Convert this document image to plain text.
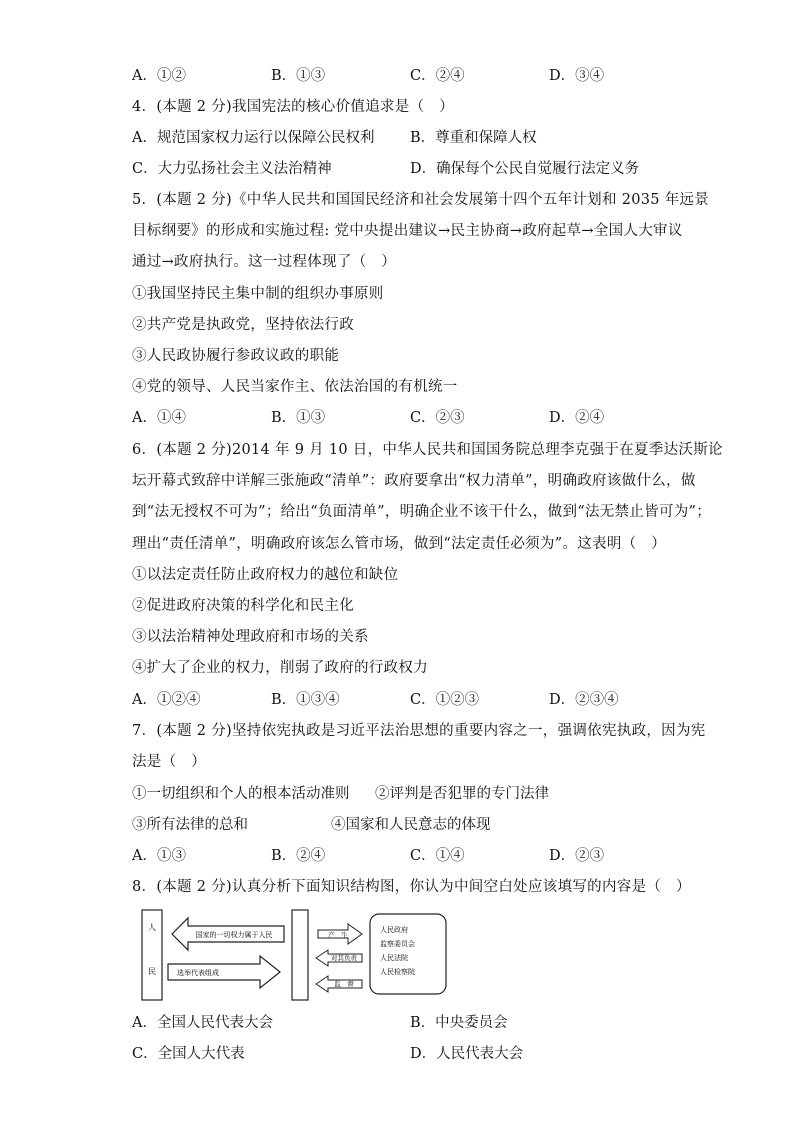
A．①②	B．①③	C．②④	D．③④
4．(本题 2 分)我国宪法的核心价值追求是（　）
A．规范国家权力运行以保障公民权利 B．尊重和保障人权
C．大力弘扬社会主义法治精神	D．确保每个公民自觉履行法定义务
5．(本题 2 分)《中华人民共和国国民经济和社会发展第十四个五年计划和 2035 年远景
目标纲要》的形成和实施过程: 党中央提出建议→民主协商→政府起草→全国人大审议
通过→政府执行。这一过程体现了（　）
①我国坚持民主集中制的组织办事原则
②共产党是执政党，坚持依法行政
③人民政协履行参政议政的职能
④党的领导、人民当家作主、依法治国的有机统一
A．①④	B．①③	C．②③	D．②④
6．(本题 2 分)2014 年 9 月 10 日，中华人民共和国国务院总理李克强于在夏季达沃斯论
坛开幕式致辞中详解三张施政“清单”：政府要拿出“权力清单”，明确政府该做什么，做
到“法无授权不可为”；给出“负面清单”，明确企业不该干什么，做到“法无禁止皆可为”；
理出“责任清单”，明确政府该怎么管市场，做到“法定责任必须为”。这表明（　）
①以法定责任防止政府权力的越位和缺位
②促进政府决策的科学化和民主化
③以法治精神处理政府和市场的关系
④扩大了企业的权力，削弱了政府的行政权力
A．①②④	B．①③④	C．①②③	D．②③④
7．(本题 2 分)坚持依宪执政是习近平法治思想的重要内容之一，强调依宪执政，因为宪
法是（　）
①一切组织和个人的根本活动准则 ②评判是否犯罪的专门法律
③所有法律的总和	④国家和人民意志的体现
A．①③	B．②④	C．①④	D．②③
8．(本题 2 分)认真分析下面知识结构图，你认为中间空白处应该填写的内容是（　）
人
民
国家的一切权力属于人民
选举代表组成
产　生
对其负责
监　督
人民政府
监察委员会
人民法院
人民检察院
A．全国人民代表大会	B．中央委员会
C．全国人大代表	D．人民代表大会
